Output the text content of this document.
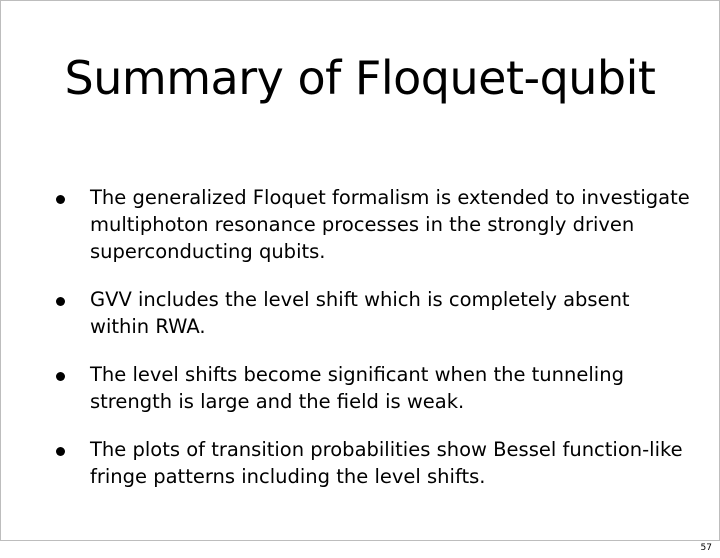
Summary of Floquet-qubit
The generalized Floquet formalism is extended to investigate multiphoton resonance processes in the strongly driven superconducting qubits.
GVV includes the level shift which is completely absent within RWA.
The level shifts become significant when the tunneling strength is large and the field is weak.
The plots of transition probabilities show Bessel function-like fringe patterns including the level shifts.
57
